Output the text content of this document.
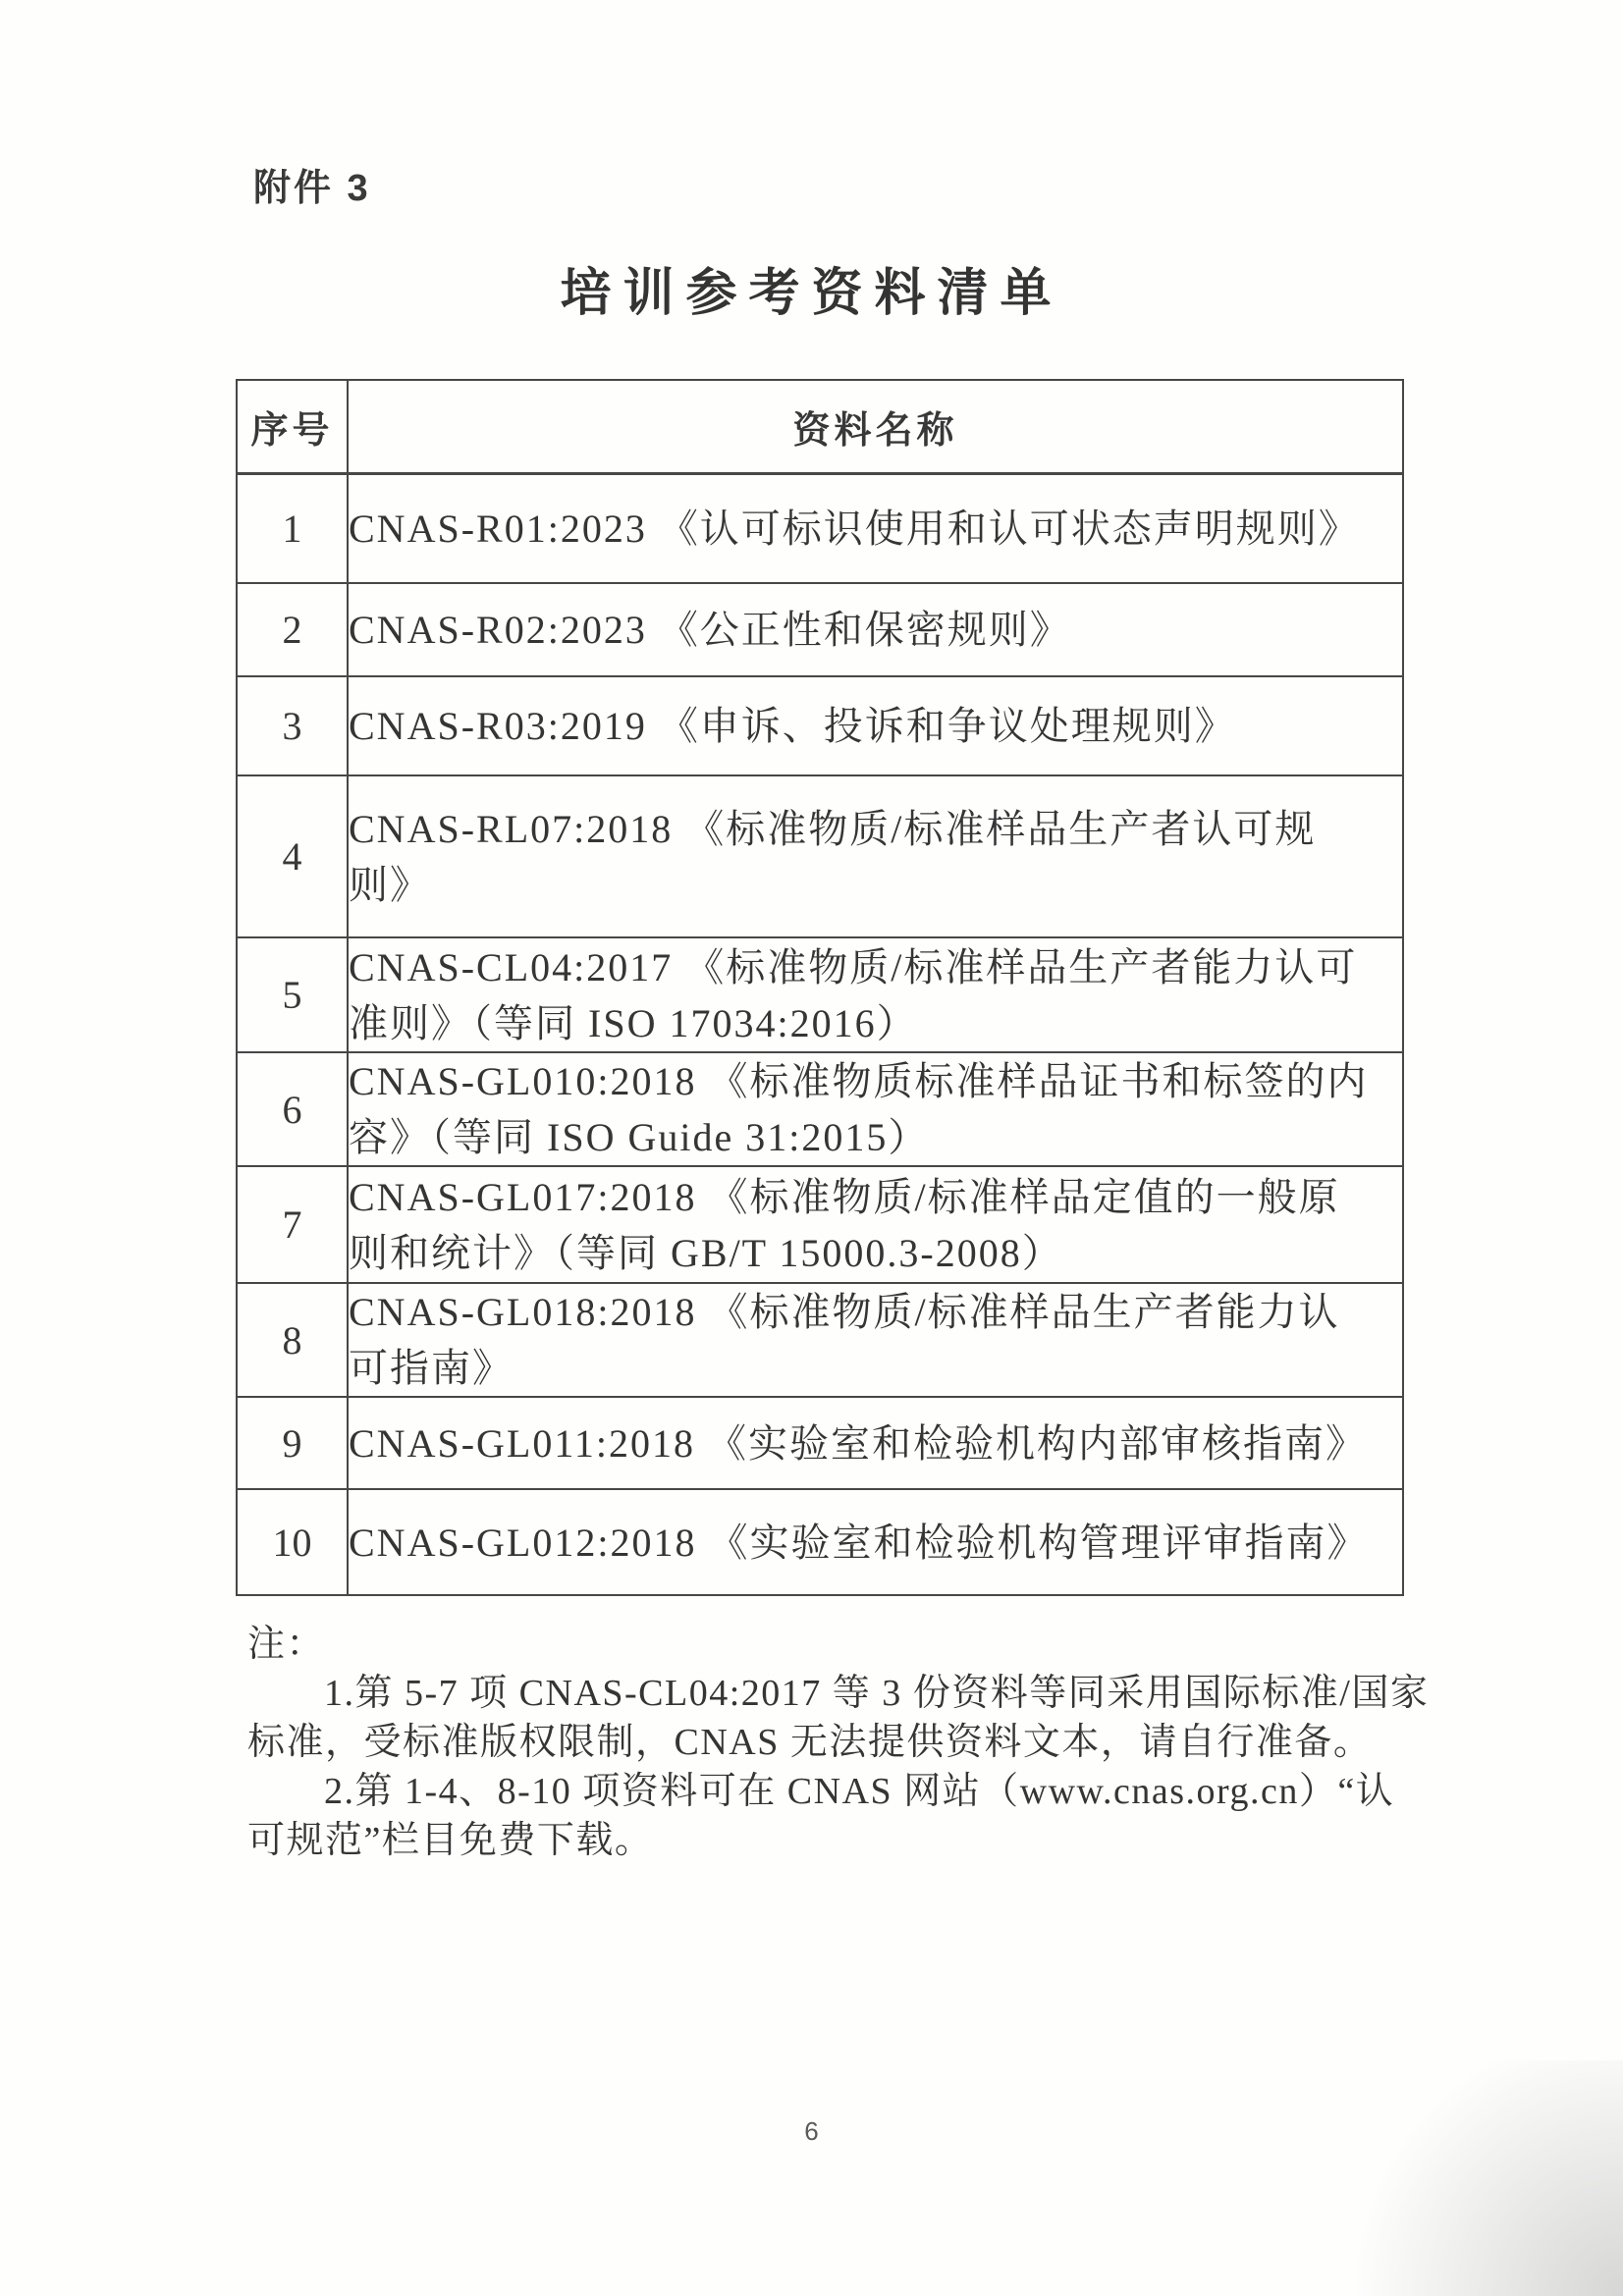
附件 3
培训参考资料清单
序号	资料名称
1	CNAS-R01:2023 《认可标识使用和认可状态声明规则》

2	CNAS-R02:2023 《公正性和保密规则》

3	CNAS-R03:2019 《申诉、投诉和争议处理规则》

4	CNAS-RL07:2018 《标准物质/标准样品生产者认可规
则》

5	CNAS-CL04:2017 《标准物质/标准样品生产者能力认可
准则》（等同 ISO 17034:2016）

6	CNAS-GL010:2018 《标准物质标准样品证书和标签的内
容》（等同 ISO Guide 31:2015）

7	CNAS-GL017:2018 《标准物质/标准样品定值的一般原
则和统计》（等同 GB/T 15000.3-2008）

8	CNAS-GL018:2018 《标准物质/标准样品生产者能力认
可指南》

9	CNAS-GL011:2018 《实验室和检验机构内部审核指南》

10	CNAS-GL012:2018 《实验室和检验机构管理评审指南》
注：
1.第 5-7 项 CNAS-CL04:2017 等 3 份资料等同采用国际标准/国家
标准，受标准版权限制，CNAS 无法提供资料文本，请自行准备。
2.第 1-4、8-10 项资料可在 CNAS 网站（www.cnas.org.cn）“认
可规范”栏目免费下载。
6
